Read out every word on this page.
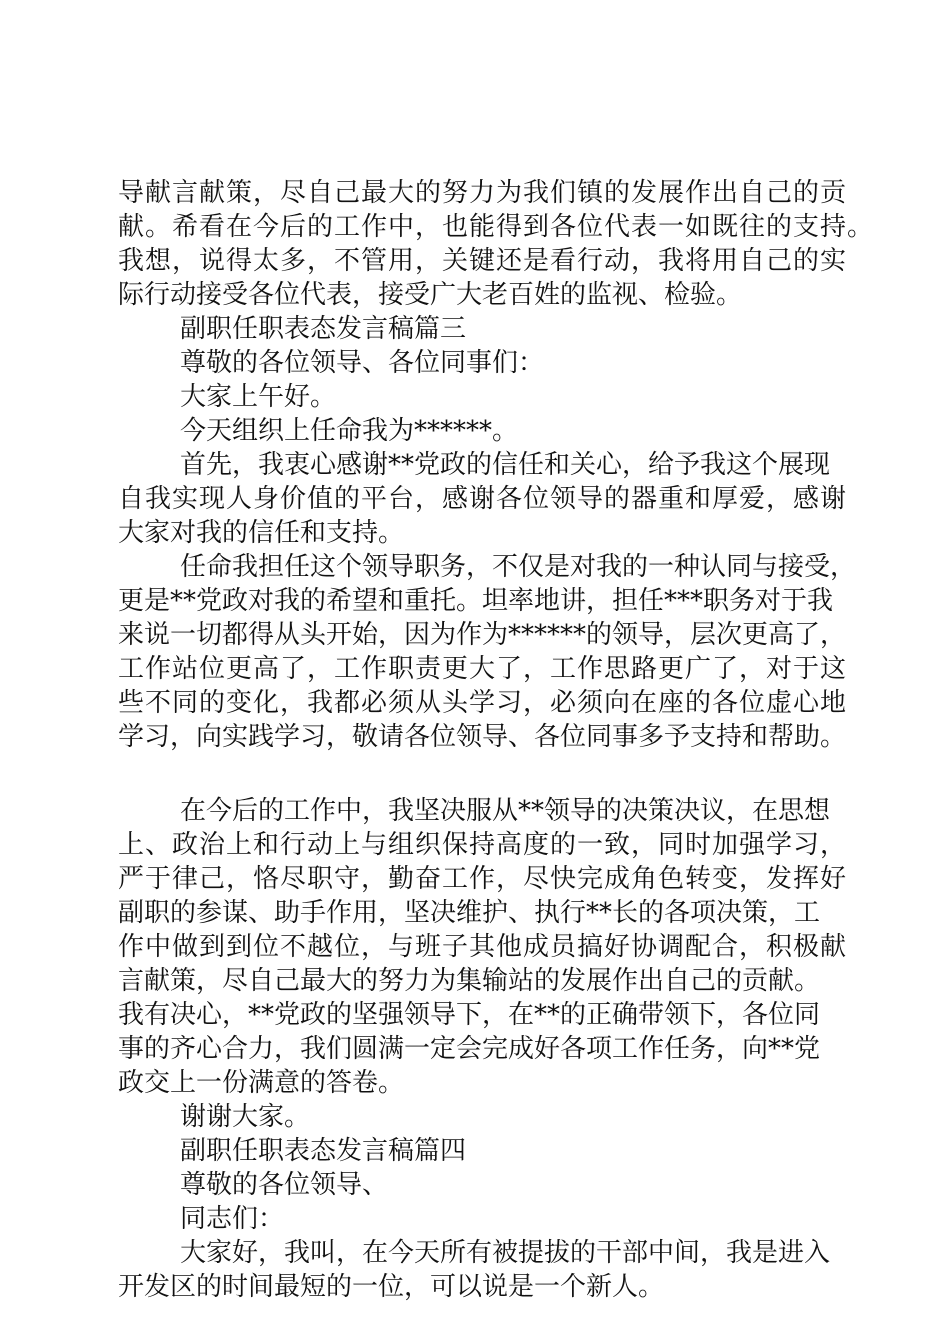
导献言献策，尽自己最大的努力为我们镇的发展作出自己的贡
献。希看在今后的工作中，也能得到各位代表一如既往的支持。
我想，说得太多，不管用，关键还是看行动，我将用自己的实
际行动接受各位代表，接受广大老百姓的监视、检验。
副职任职表态发言稿篇三
尊敬的各位领导、各位同事们：
大家上午好。
今天组织上任命我为******。
首先，我衷心感谢**党政的信任和关心，给予我这个展现
自我实现人身价值的平台，感谢各位领导的器重和厚爱，感谢
大家对我的信任和支持。
任命我担任这个领导职务，不仅是对我的一种认同与接受，
更是**党政对我的希望和重托。坦率地讲，担任***职务对于我
来说一切都得从头开始，因为作为******的领导，层次更高了，
工作站位更高了，工作职责更大了，工作思路更广了，对于这
些不同的变化，我都必须从头学习，必须向在座的各位虚心地
学习，向实践学习，敬请各位领导、各位同事多予支持和帮助。
在今后的工作中，我坚决服从**领导的决策决议，在思想
上、政治上和行动上与组织保持高度的一致，同时加强学习，
严于律己，恪尽职守，勤奋工作，尽快完成角色转变，发挥好
副职的参谋、助手作用，坚决维护、执行**长的各项决策，工
作中做到到位不越位，与班子其他成员搞好协调配合，积极献
言献策，尽自己最大的努力为集输站的发展作出自己的贡献。
我有决心，**党政的坚强领导下，在**的正确带领下，各位同
事的齐心合力，我们圆满一定会完成好各项工作任务，向**党
政交上一份满意的答卷。
谢谢大家。
副职任职表态发言稿篇四
尊敬的各位领导、
同志们：
大家好，我叫，在今天所有被提拔的干部中间，我是进入
开发区的时间最短的一位，可以说是一个新人。
